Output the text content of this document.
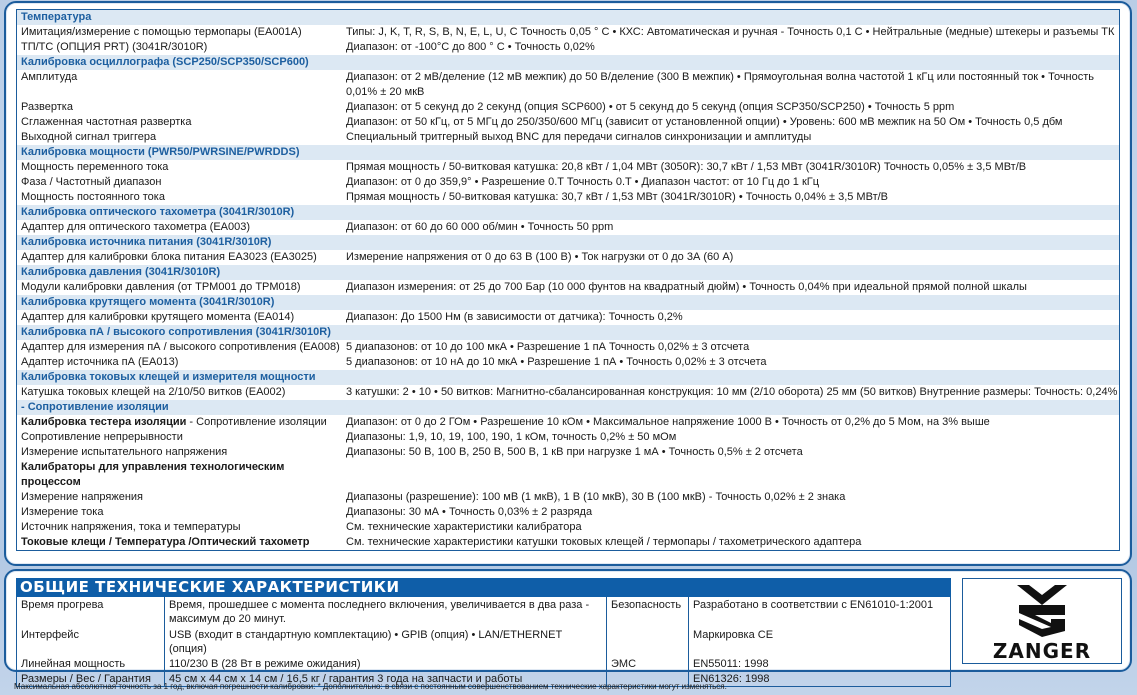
Температура	
Имитация/измерение с помощью термопары (EA001A)	Типы: J, K, T, R, S, B, N, E, L, U, C Точность 0,05 ° C • КХС: Автоматическая и ручная - Точность 0,1 C • Нейтральные (медные) штекеры и разъемы ТК
ТП/ТС (ОПЦИЯ PRT) (3041R/3010R)	Диапазон: от -100°C до 800 ° C • Точность 0,02%
Калибровка осциллографа (SCP250/SCP350/SCP600)	
Амплитуда	Диапазон: от 2 мВ/деление (12 мВ межпик) до 50 В/деление (300 В межпик) • Прямоугольная волна частотой 1 кГц или постоянный ток • Точность 0,01% ± 20 мкВ
Развертка	Диапазон: от 5 секунд до 2 секунд (опция SCP600) • от 5 секунд до 5 секунд (опция SCP350/SCP250) • Точность 5 ppm
Сглаженная частотная развертка	Диапазон: от 50 кГц, от 5 МГц до 250/350/600 МГц (зависит от установленной опции) • Уровень: 600 мВ межпик на 50 Ом • Точность 0,5 дбм
Выходной сигнал триггера	Специальный тритгерный выход BNC для передачи сигналов синхронизации и амплитуды
Калибровка мощности (PWR50/PWRSINE/PWRDDS)	
Мощность переменного тока	Прямая мощность / 50-витковая катушка: 20,8 кВт / 1,04 МВт (3050R): 30,7 кВт / 1,53 МВт (3041R/3010R) Точность 0,05% ± 3,5 МВт/В
Фаза / Частотный диапазон	Диапазон: от 0 до 359,9° • Разрешение 0.T Точность 0.T • Диапазон частот: от 10 Гц до 1 кГц
Мощность постоянного тока	Прямая мощность / 50-витковая катушка: 30,7 кВт / 1,53 МВт (3041R/3010R) • Точность 0,04% ± 3,5 МВт/В
Калибровка оптического тахометра (3041R/3010R)	
Адаптер для оптического тахометра (EA003)	Диапазон: от 60 до 60 000 об/мин • Точность 50 ppm
Калибровка источника питания (3041R/3010R)	
Адаптер для калибровки блока питания EA3023 (EA3025)	Измерение напряжения от 0 до 63 В (100 В) • Ток нагрузки от 0 до 3А (60 А)
Калибровка давления (3041R/3010R)	
Модули калибровки давления (от TPM001 до TPM018)	Диапазон измерения: от 25 до 700 Бар (10 000 фунтов на квадратный дюйм) • Точность 0,04% при идеальной прямой полной шкалы
Калибровка крутящего момента (3041R/3010R)	
Адаптер для калибровки крутящего момента (EA014)	Диапазон: До 1500 Нм (в зависимости от датчика): Точность 0,2%
Калибровка пА / высокого сопротивления (3041R/3010R)	
Адаптер для измерения пА / высокого сопротивления (EA008)	5 диапазонов: от 10 до 100 мкА • Разрешение 1 пА Точность 0,02% ± 3 отсчета
Адаптер источника пА (EA013)	5 диапазонов: от 10 нА до 10 мкА • Разрешение 1 пА • Точность 0,02% ± 3 отсчета
Калибровка токовых клещей и измерителя мощности	
Катушка токовых клещей на 2/10/50 витков (EA002)	3 катушки: 2 • 10 • 50 витков: Магнитно-сбалансированная конструкция: 10 мм (2/10 оборота) 25 мм (50 витков) Внутренние размеры: Точность: 0,24%
- Сопротивление изоляции	
Калибровка тестера изоляции - Сопротивление изоляции	Диапазон: от 0 до 2 ГОм • Разрешение 10 кОм • Максимальное напряжение 1000 В • Точность от 0,2% до 5 Мом, на 3% выше
Сопротивление непрерывности	Диапазоны: 1,9, 10, 19, 100, 190, 1 кОм, точность 0,2% ± 50 мОм
Измерение испытательного напряжения	Диапазоны: 50 В, 100 В, 250 В, 500 В, 1 кВ при нагрузке 1 мА • Точность 0,5% ± 2 отсчета
Калибраторы для управления технологическим процессом	
Измерение напряжения	Диапазоны (разрешение): 100 мВ (1 мкВ), 1 В (10 мкВ), 30 В (100 мкВ) - Точность 0,02% ± 2 знака
Измерение тока	Диапазоны: 30 мА • Точность 0,03% ± 2 разряда
Источник напряжения, тока и температуры	См. технические характеристики калибратора
Токовые клещи / Температура /Оптический тахометр	См. технические характеристики катушки токовых клещей / термопары / тахометрического адаптера
ОБЩИЕ ТЕХНИЧЕСКИЕ ХАРАКТЕРИСТИКИ
Время прогрева	Время, прошедшее с момента последнего включения, увеличивается в два раза - максимум до 20 минут.	Безопасность	Разработано в соответствии с EN61010-1:2001

Интерфейс	USB (входит в стандартную комплектацию) • GPIB (опция) • LAN/ETHERNET (опция)		Маркировка CE
Линейная мощность	110/230 В (28 Вт в режиме ожидания)	ЭМС	EN55011: 1998
Размеры / Вес / Гарантия	45 см x 44 см x 14 см / 16,5 кг / гарантия 3 года на запчасти и работы		EN61326: 1998
ZANGER
Максимальная абсолютная точность за 1 год, включая погрешности калибровки: * Дополнительно: в связи с постоянным совершенствованием технические характеристики могут изменяться.
